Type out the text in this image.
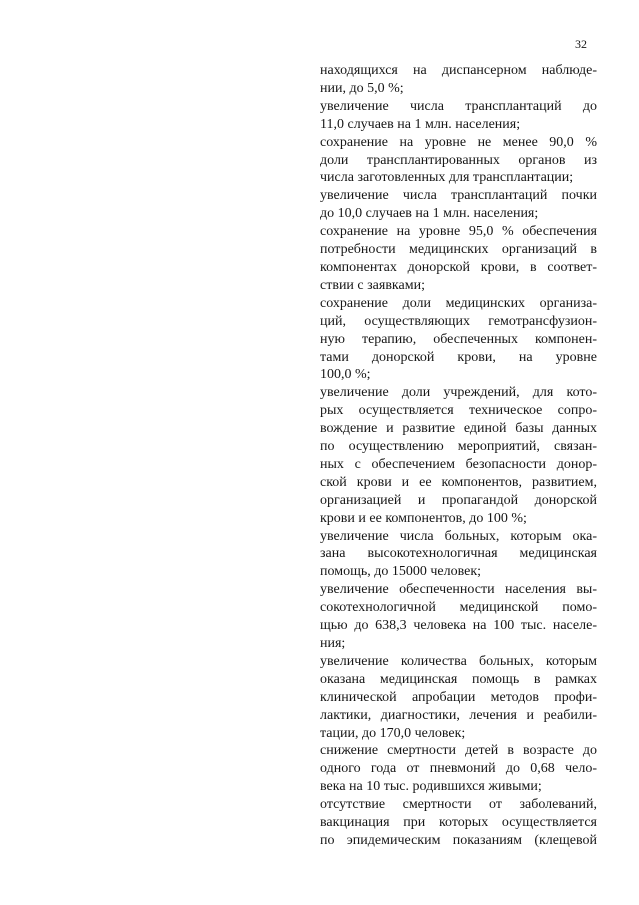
32
находящихся на диспансерном наблюде-
нии, до 5,0 %;
увеличение числа трансплантаций до
11,0 случаев на 1 млн. населения;
сохранение на уровне не менее 90,0 %
доли трансплантированных органов из
числа заготовленных для трансплантации;
увеличение числа трансплантаций почки
до 10,0 случаев на 1 млн. населения;
сохранение на уровне 95,0 % обеспечения
потребности медицинских организаций в
компонентах донорской крови, в соответ-
ствии с заявками;
сохранение доли медицинских организа-
ций, осуществляющих гемотрансфузион-
ную терапию, обеспеченных компонен-
тами донорской крови, на уровне
100,0 %;
увеличение доли учреждений, для кото-
рых осуществляется техническое сопро-
вождение и развитие единой базы данных
по осуществлению мероприятий, связан-
ных с обеспечением безопасности донор-
ской крови и ее компонентов, развитием,
организацией и пропагандой донорской
крови и ее компонентов, до 100 %;
увеличение числа больных, которым ока-
зана высокотехнологичная медицинская
помощь, до 15000 человек;
увеличение обеспеченности населения вы-
сокотехнологичной медицинской помо-
щью до 638,3 человека на 100 тыс. населе-
ния;
увеличение количества больных, которым
оказана медицинская помощь в рамках
клинической апробации методов профи-
лактики, диагностики, лечения и реабили-
тации, до 170,0 человек;
снижение смертности детей в возрасте до
одного года от пневмоний до 0,68 чело-
века на 10 тыс. родившихся живыми;
отсутствие смертности от заболеваний,
вакцинация при которых осуществляется
по эпидемическим показаниям (клещевой
